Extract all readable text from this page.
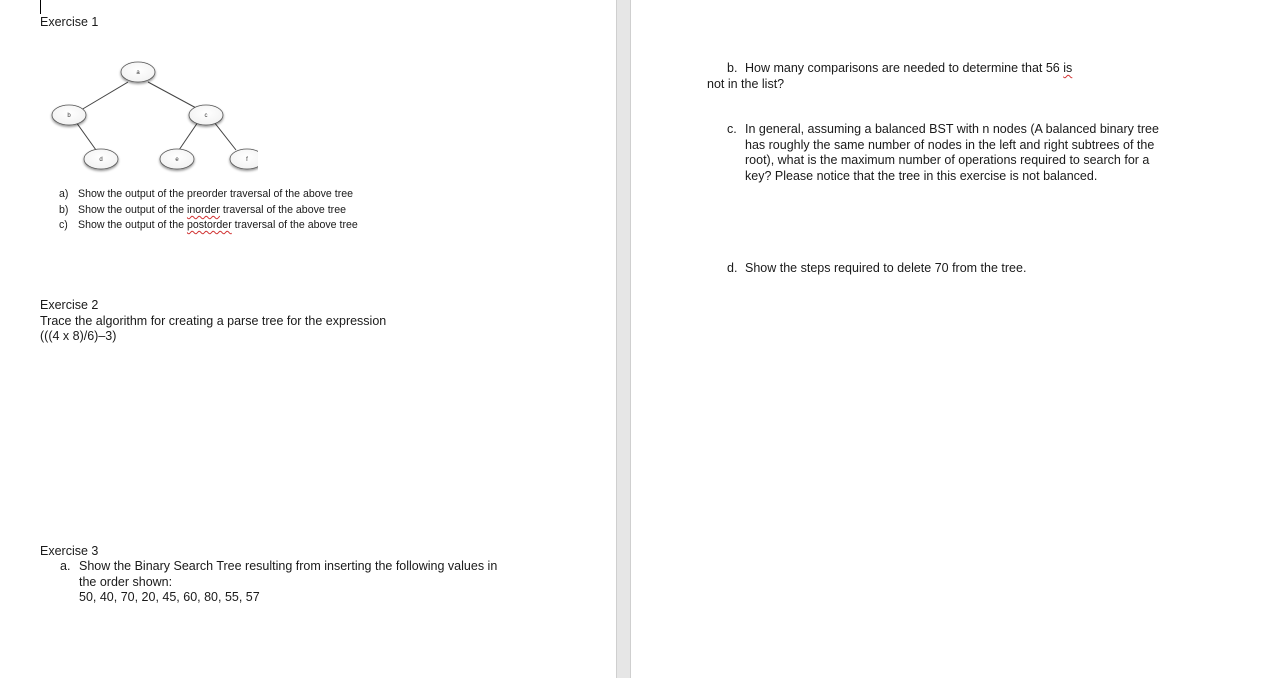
Exercise 1
a
b	c
d	e	f
a) Show the output of the preorder traversal of the above tree
b) Show the output of the inorder traversal of the above tree
c) Show the output of the postorder traversal of the above tree
Exercise 2
Trace the algorithm for creating a parse tree for the expression
(((4 x 8)/6)–3)
Exercise 3
a. Show the Binary Search Tree resulting from inserting the following values in
the order shown:
50, 40, 70, 20, 45, 60, 80, 55, 57
b. How many comparisons are needed to determine that 56 is
not in the list?
c. In general, assuming a balanced BST with n nodes (A balanced binary tree
has roughly the same number of nodes in the left and right subtrees of the
root), what is the maximum number of operations required to search for a
key? Please notice that the tree in this exercise is not balanced.
d. Show the steps required to delete 70 from the tree.
